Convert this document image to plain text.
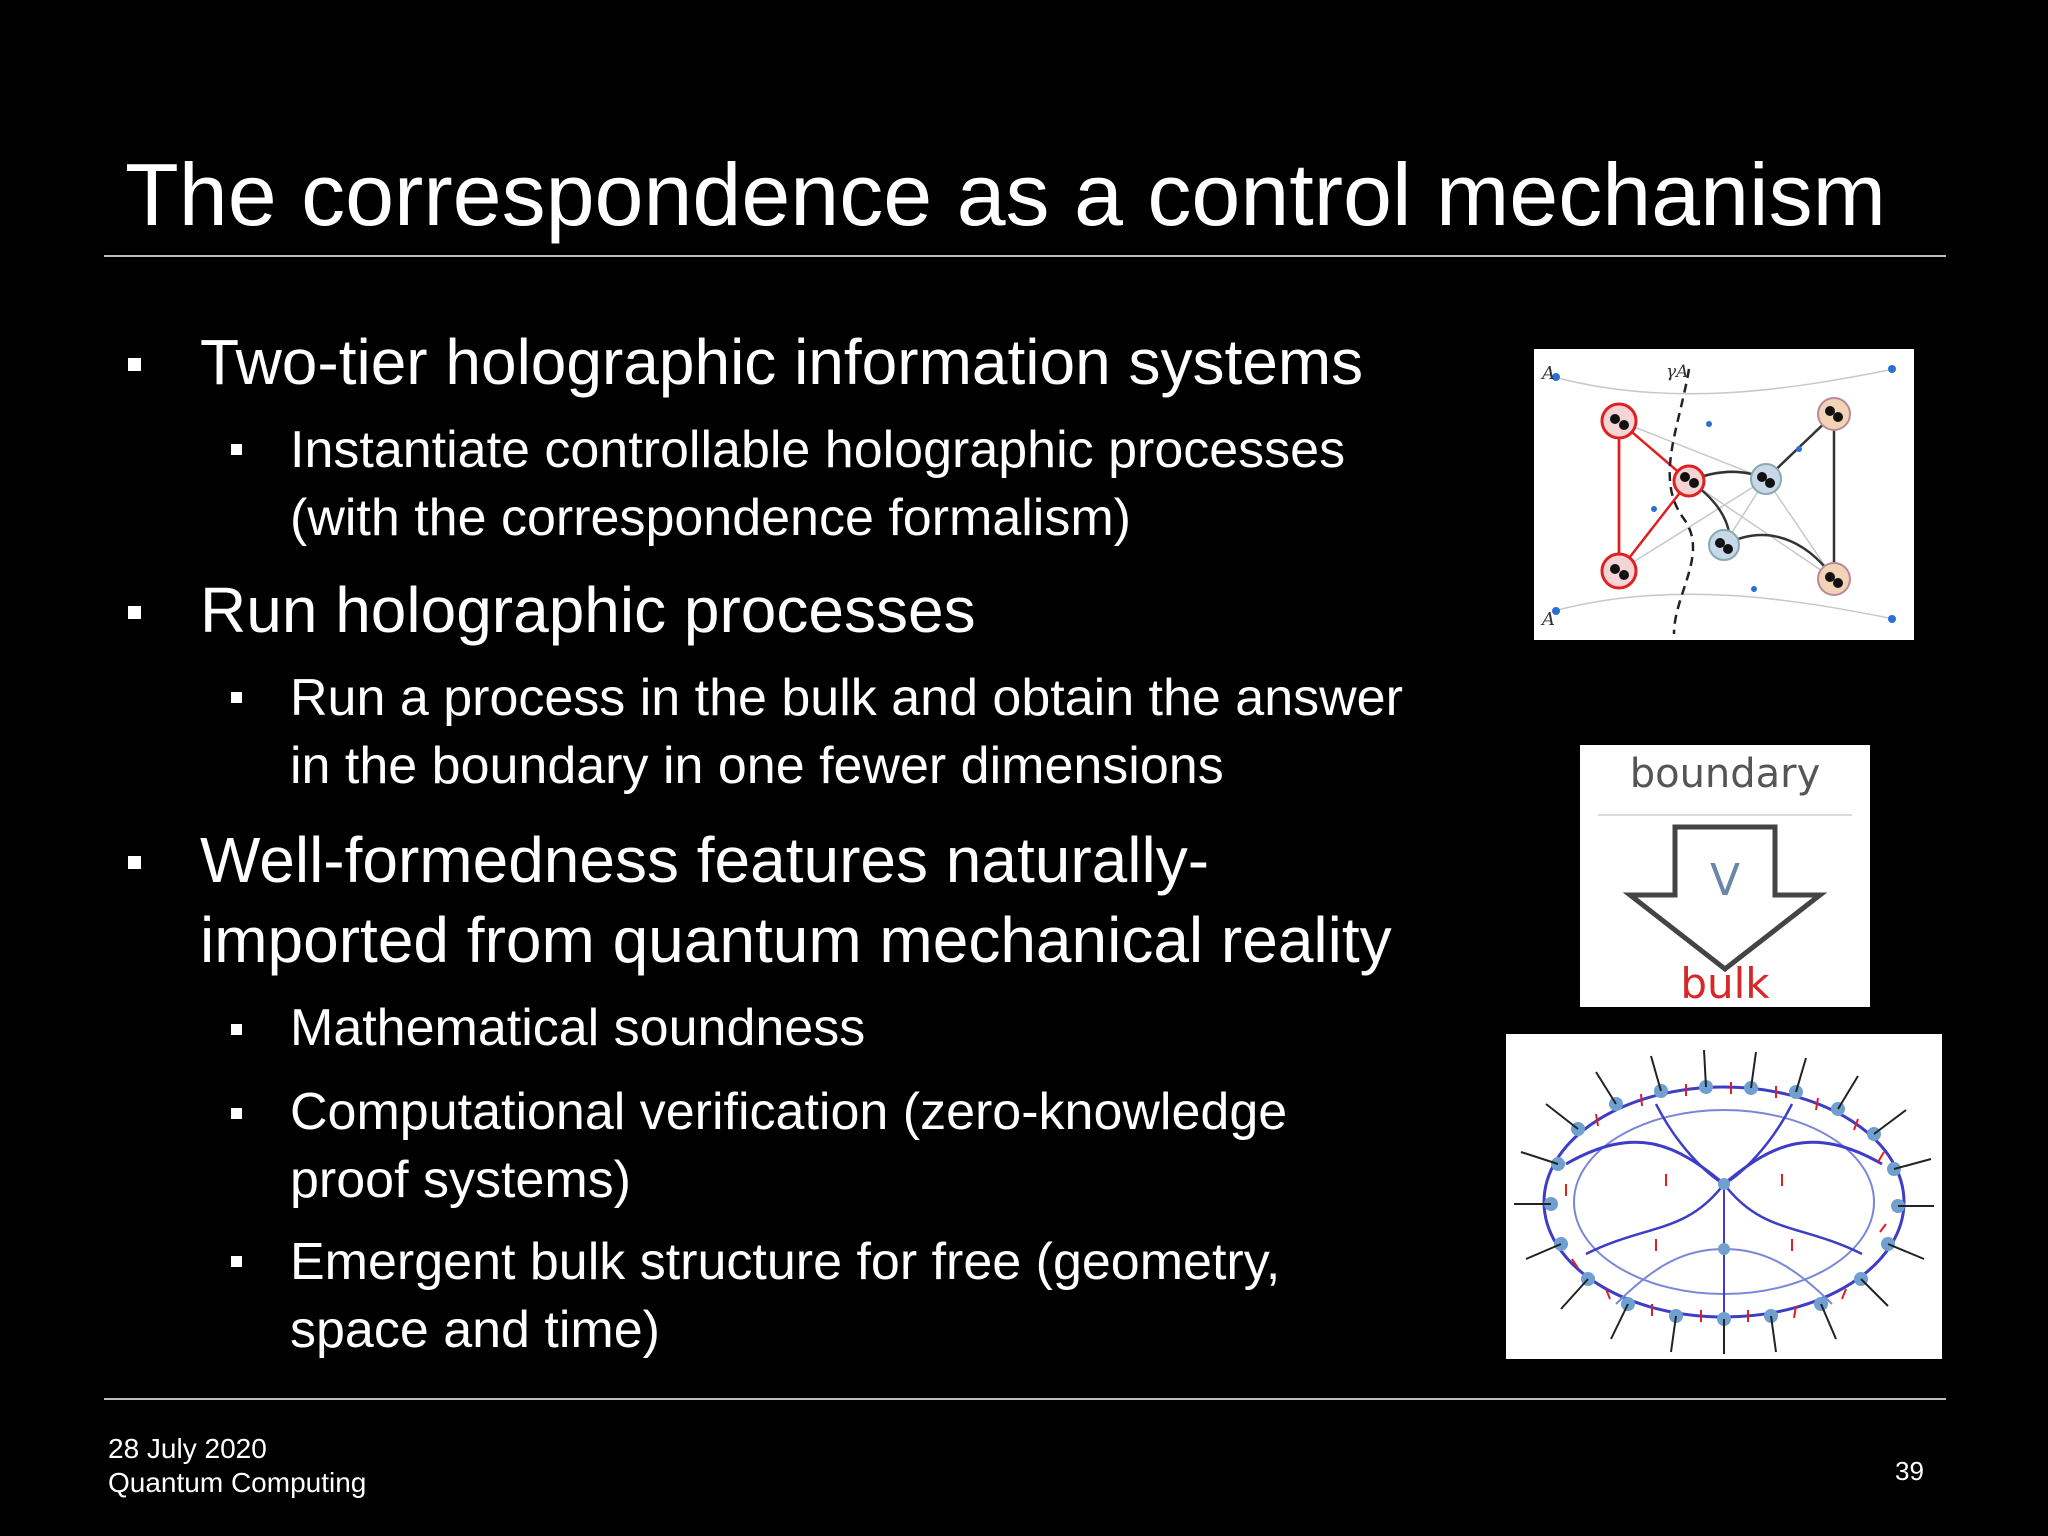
The correspondence as a control mechanism
Two-tier holographic information systems
Instantiate controllable holographic processes
(with the correspondence formalism)
Run holographic processes
Run a process in the bulk and obtain the answer
in the boundary in one fewer dimensions
Well-formedness features naturally-
imported from quantum mechanical reality
Mathematical soundness
Computational verification (zero-knowledge
proof systems)
Emergent bulk structure for free (geometry,
space and time)
A
A
γA
boundary
V
bulk
28 July 2020
Quantum Computing	39
